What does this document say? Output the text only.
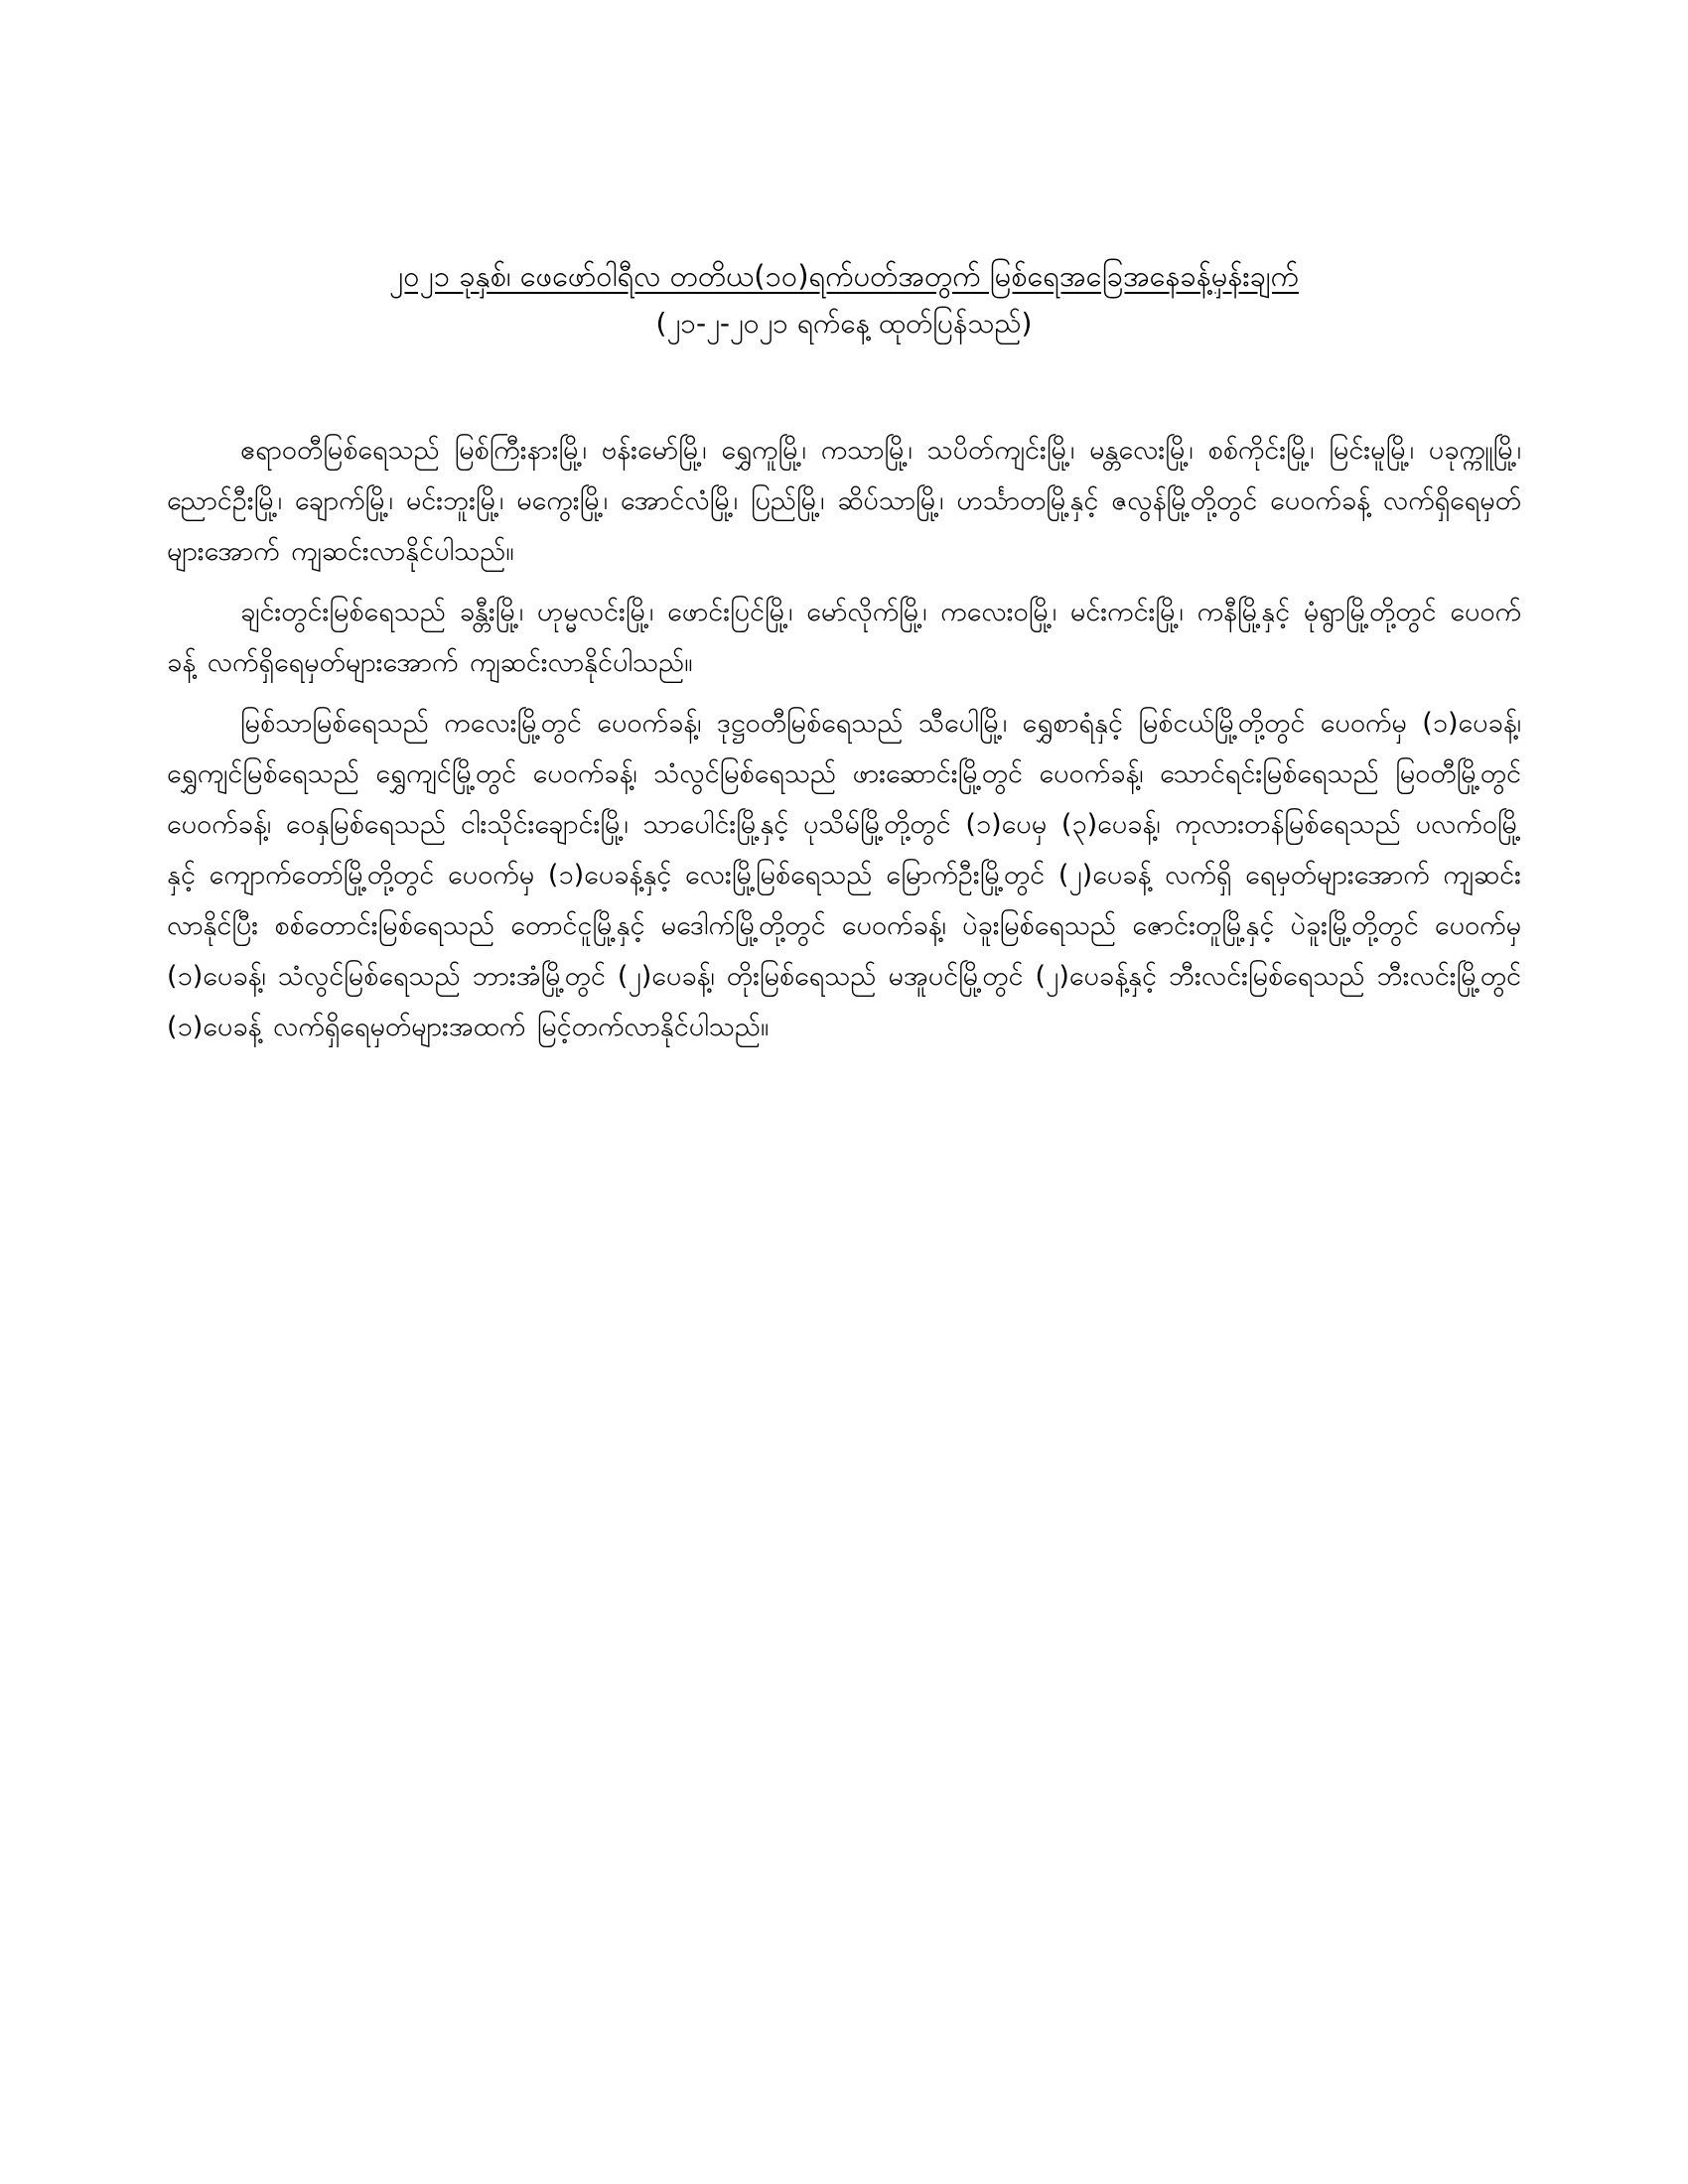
၂၀၂၁ ခုနှစ်၊ ဖေဖော်ဝါရီလ တတိယ(၁၀)ရက်ပတ်အတွက် မြစ်ရေအခြေအနေခန့်မှန်းချက်
(၂၁-၂-၂၀၂၁ ရက်နေ့ ထုတ်ပြန်သည်)

ဧရာဝတီမြစ်ရေသည် မြစ်ကြီးနားမြို့၊ ဗန်းမော်မြို့၊ ရွှေကူမြို့၊ ကသာမြို့၊ သပိတ်ကျင်းမြို့၊ မန္တလေးမြို့၊ စစ်ကိုင်းမြို့၊ မြင်းမူမြို့၊ ပခုက္ကူမြို့၊ ညောင်ဦးမြို့၊ ချောက်မြို့၊ မင်းဘူးမြို့၊ မကွေးမြို့၊ အောင်လံမြို့၊ ပြည်မြို့၊ ဆိပ်သာမြို့၊ ဟင်္သာတမြို့နှင့် ဇလွန်မြို့တို့တွင် ပေ၀က်ခန့် လက်ရှိရေမှတ်များအောက် ကျဆင်းလာနိုင်ပါသည်။

ချင်းတွင်းမြစ်ရေသည် ခန္တီးမြို့၊ ဟုမ္မလင်းမြို့၊ ဖောင်းပြင်မြို့၊ မော်လိုက်မြို့၊ ကလေးဝမြို့၊ မင်းကင်းမြို့၊ ကနီမြို့နှင့် မုံရွာမြို့တို့တွင် ပေ၀က်ခန့် လက်ရှိရေမှတ်များအောက် ကျဆင်းလာနိုင်ပါသည်။

မြစ်သာမြစ်ရေသည် ကလေးမြို့တွင် ပေ၀က်ခန့်၊ ဒုဋ္ဌဝတီမြစ်ရေသည် သီပေါမြို့၊ ရွှေစာရံနှင့် မြစ်ငယ်မြို့တို့တွင် ပေ၀က်မှ (၁)ပေခန့်၊ ရွှေကျင်မြစ်ရေသည် ရွှေကျင်မြို့တွင် ပေ၀က်ခန့်၊ သံလွင်မြစ်ရေသည် ဖားဆောင်းမြို့တွင် ပေ၀က်ခန့်၊ သောင်ရင်းမြစ်ရေသည် မြဝတီမြို့တွင် ပေ၀က်ခန့်၊ ဝေနှမြစ်ရေသည် ငါးသိုင်းချောင်းမြို့၊ သာပေါင်းမြို့နှင့် ပုသိမ်မြို့တို့တွင် (၁)ပေမှ (၃)ပေခန့်၊ ကုလားတန်မြစ်ရေသည် ပလက်ဝမြို့နှင့် ကျောက်တော်မြို့တို့တွင် ပေ၀က်မှ (၁)ပေခန့်နှင့် လေးမြို့မြစ်ရေသည် မြောက်ဦးမြို့တွင် (၂)ပေခန့် လက်ရှိ ရေမှတ်များအောက် ကျဆင်းလာနိုင်ပြီး စစ်တောင်းမြစ်ရေသည် တောင်ငူမြို့နှင့် မဒေါက်မြို့တို့တွင် ပေ၀က်ခန့်၊ ပဲခူးမြစ်ရေသည် ဇောင်းတူမြို့နှင့် ပဲခူးမြို့တို့တွင် ပေ၀က်မှ (၁)ပေခန့်၊ သံလွင်မြစ်ရေသည် ဘားအံမြို့တွင် (၂)ပေခန့်၊ တိုးမြစ်ရေသည် မအူပင်မြို့တွင် (၂)ပေခန့်နှင့် ဘီးလင်းမြစ်ရေသည် ဘီးလင်းမြို့တွင် (၁)ပေခန့် လက်ရှိရေမှတ်များအထက် မြင့်တက်လာနိုင်ပါသည်။
